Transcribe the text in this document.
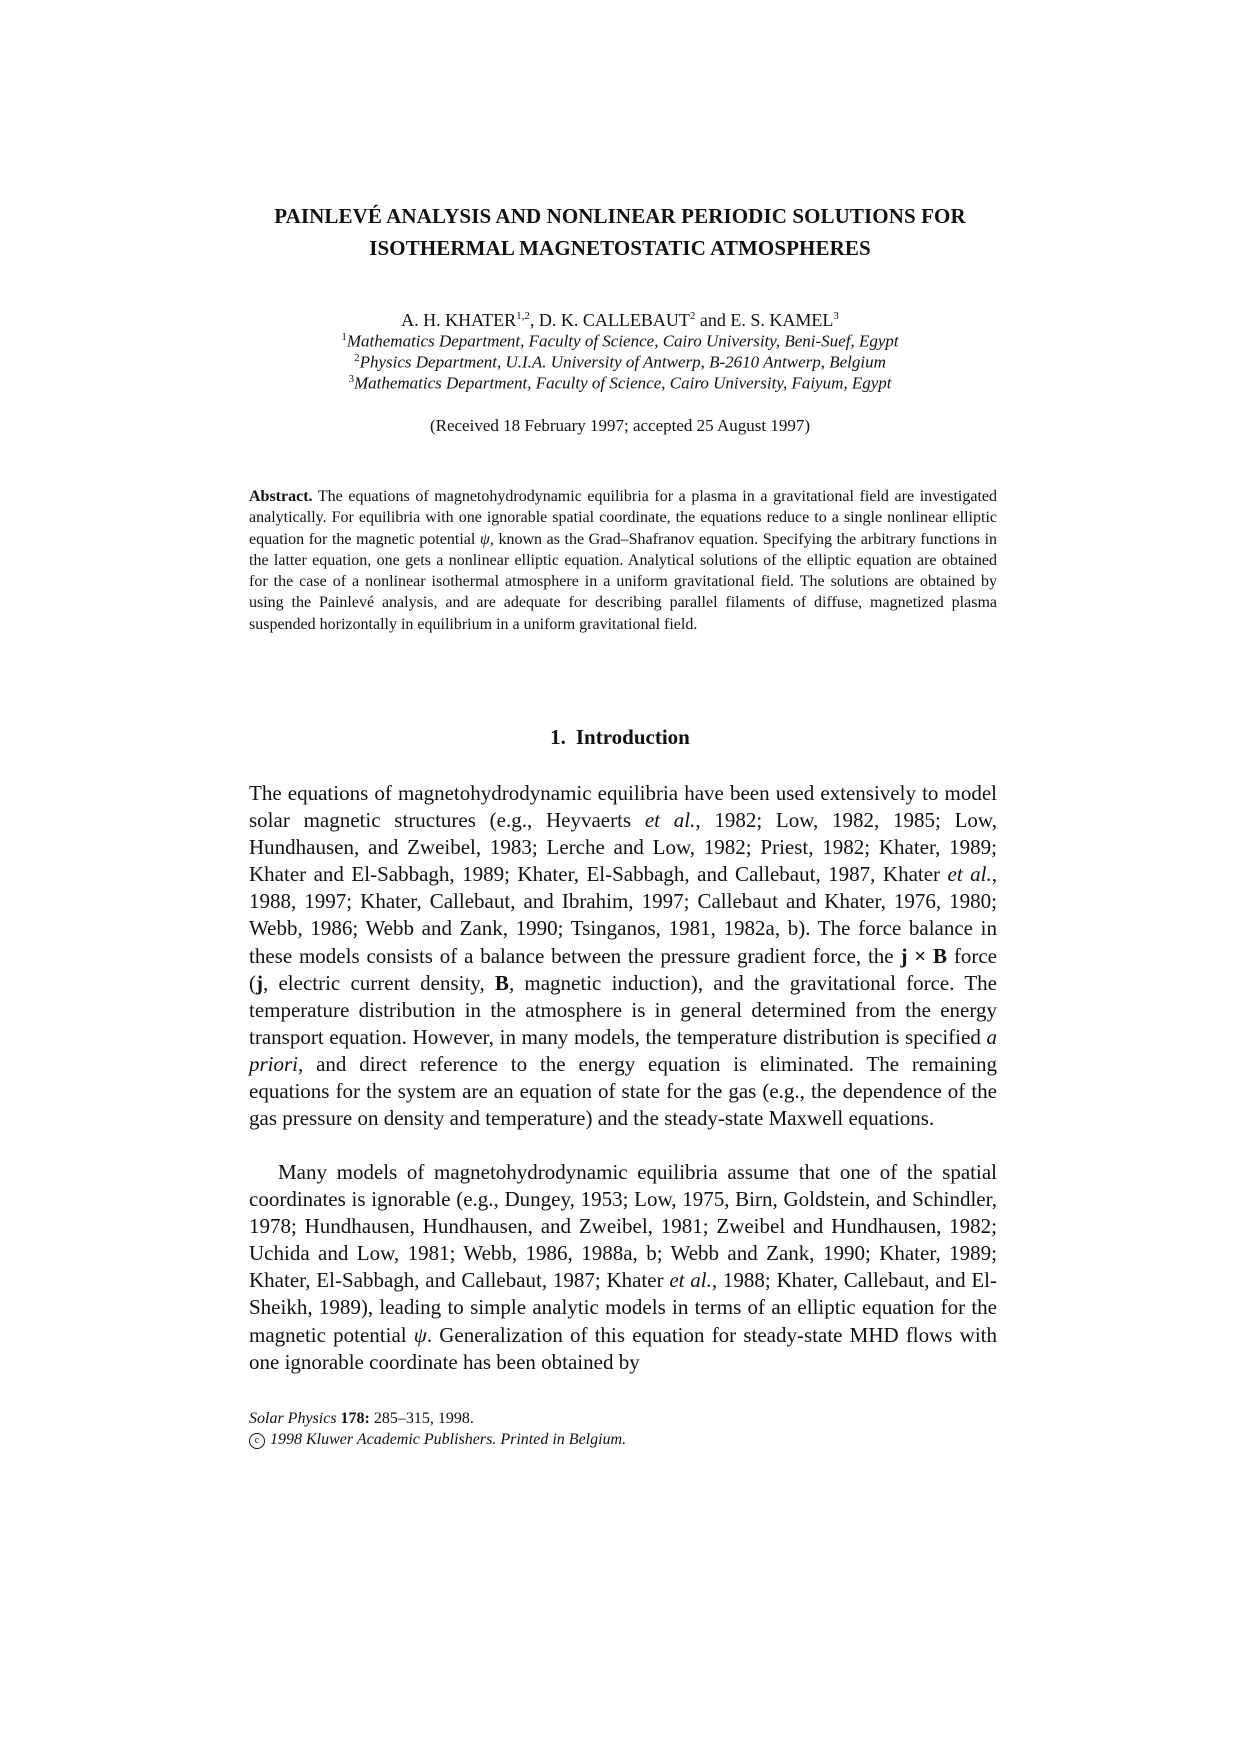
PAINLEVÉ ANALYSIS AND NONLINEAR PERIODIC SOLUTIONS FOR
ISOTHERMAL MAGNETOSTATIC ATMOSPHERES
A. H. KHATER$^{1,2}$, D. K. CALLEBAUT$^2$ and E. S. KAMEL$^3$
$^1$Mathematics Department, Faculty of Science, Cairo University, Beni-Suef, Egypt
$^2$Physics Department, U.I.A. University of Antwerp, B-2610 Antwerp, Belgium
$^3$Mathematics Department, Faculty of Science, Cairo University, Faiyum, Egypt
(Received 18 February 1997; accepted 25 August 1997)
Abstract. The equations of magnetohydrodynamic equilibria for a plasma in a gravitational field are investigated analytically. For equilibria with one ignorable spatial coordinate, the equations reduce to a single nonlinear elliptic equation for the magnetic potential ψ, known as the Grad–Shafranov equation. Specifying the arbitrary functions in the latter equation, one gets a nonlinear elliptic equation. Analytical solutions of the elliptic equation are obtained for the case of a nonlinear isothermal atmosphere in a uniform gravitational field. The solutions are obtained by using the Painlevé analysis, and are adequate for describing parallel filaments of diffuse, magnetized plasma suspended horizontally in equilibrium in a uniform gravitational field.
1. Introduction
The equations of magnetohydrodynamic equilibria have been used extensively to model solar magnetic structures (e.g., Heyvaerts et al., 1982; Low, 1982, 1985; Low, Hundhausen, and Zweibel, 1983; Lerche and Low, 1982; Priest, 1982; Khater, 1989; Khater and El-Sabbagh, 1989; Khater, El-Sabbagh, and Callebaut, 1987, Khater et al., 1988, 1997; Khater, Callebaut, and Ibrahim, 1997; Callebaut and Khater, 1976, 1980; Webb, 1986; Webb and Zank, 1990; Tsinganos, 1981, 1982a, b). The force balance in these models consists of a balance between the pressure gradient force, the j × B force (j, electric current density, B, magnetic induction), and the gravitational force. The temperature distribution in the atmosphere is in general determined from the energy transport equation. However, in many models, the temperature distribution is specified a priori, and direct reference to the energy equation is eliminated. The remaining equations for the system are an equation of state for the gas (e.g., the dependence of the gas pressure on density and temperature) and the steady-state Maxwell equations.
Many models of magnetohydrodynamic equilibria assume that one of the spatial coordinates is ignorable (e.g., Dungey, 1953; Low, 1975, Birn, Goldstein, and Schindler, 1978; Hundhausen, Hundhausen, and Zweibel, 1981; Zweibel and Hundhausen, 1982; Uchida and Low, 1981; Webb, 1986, 1988a, b; Webb and Zank, 1990; Khater, 1989; Khater, El-Sabbagh, and Callebaut, 1987; Khater et al., 1988; Khater, Callebaut, and El-Sheikh, 1989), leading to simple analytic models in terms of an elliptic equation for the magnetic potential ψ. Generalization of this equation for steady-state MHD flows with one ignorable coordinate has been obtained by
Solar Physics 178: 285–315, 1998.
c 1998 Kluwer Academic Publishers. Printed in Belgium.
